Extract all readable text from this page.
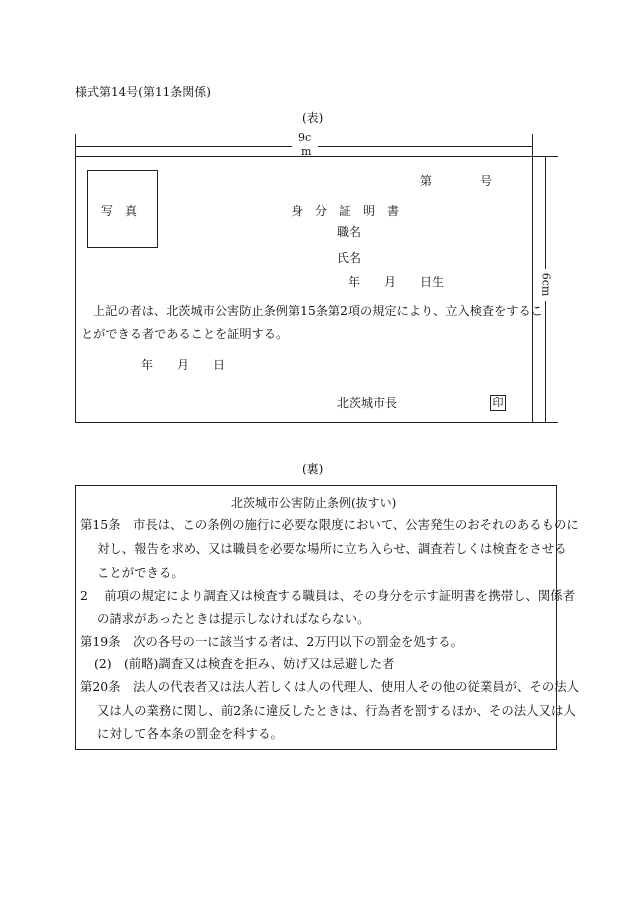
様式第14号(第11条関係)
(表)
9c
m
6cm
写　真
第　　　　号
身　分　証　明　書
職名
氏名
年　　月　　日生
上記の者は、北茨城市公害防止条例第15条第2項の規定により、立入検査をするこ
とができる者であることを証明する。
年　　月　　日
北茨城市長	印
(裏)
北茨城市公害防止条例(抜すい)
第15条　市長は、この条例の施行に必要な限度において、公害発生のおそれのあるものに
対し、報告を求め、又は職員を必要な場所に立ち入らせ、調査若しくは検査をさせる
ことができる。
2　 前項の規定により調査又は検査する職員は、その身分を示す証明書を携帯し、関係者
の請求があったときは提示しなければならない。
第19条　次の各号の一に該当する者は、2万円以下の罰金を処する。
(2)　(前略)調査又は検査を拒み、妨げ又は忌避した者
第20条　法人の代表者又は法人若しくは人の代理人、使用人その他の従業員が、その法人
又は人の業務に関し、前2条に違反したときは、行為者を罰するほか、その法人又は人
に対して各本条の罰金を科する。
